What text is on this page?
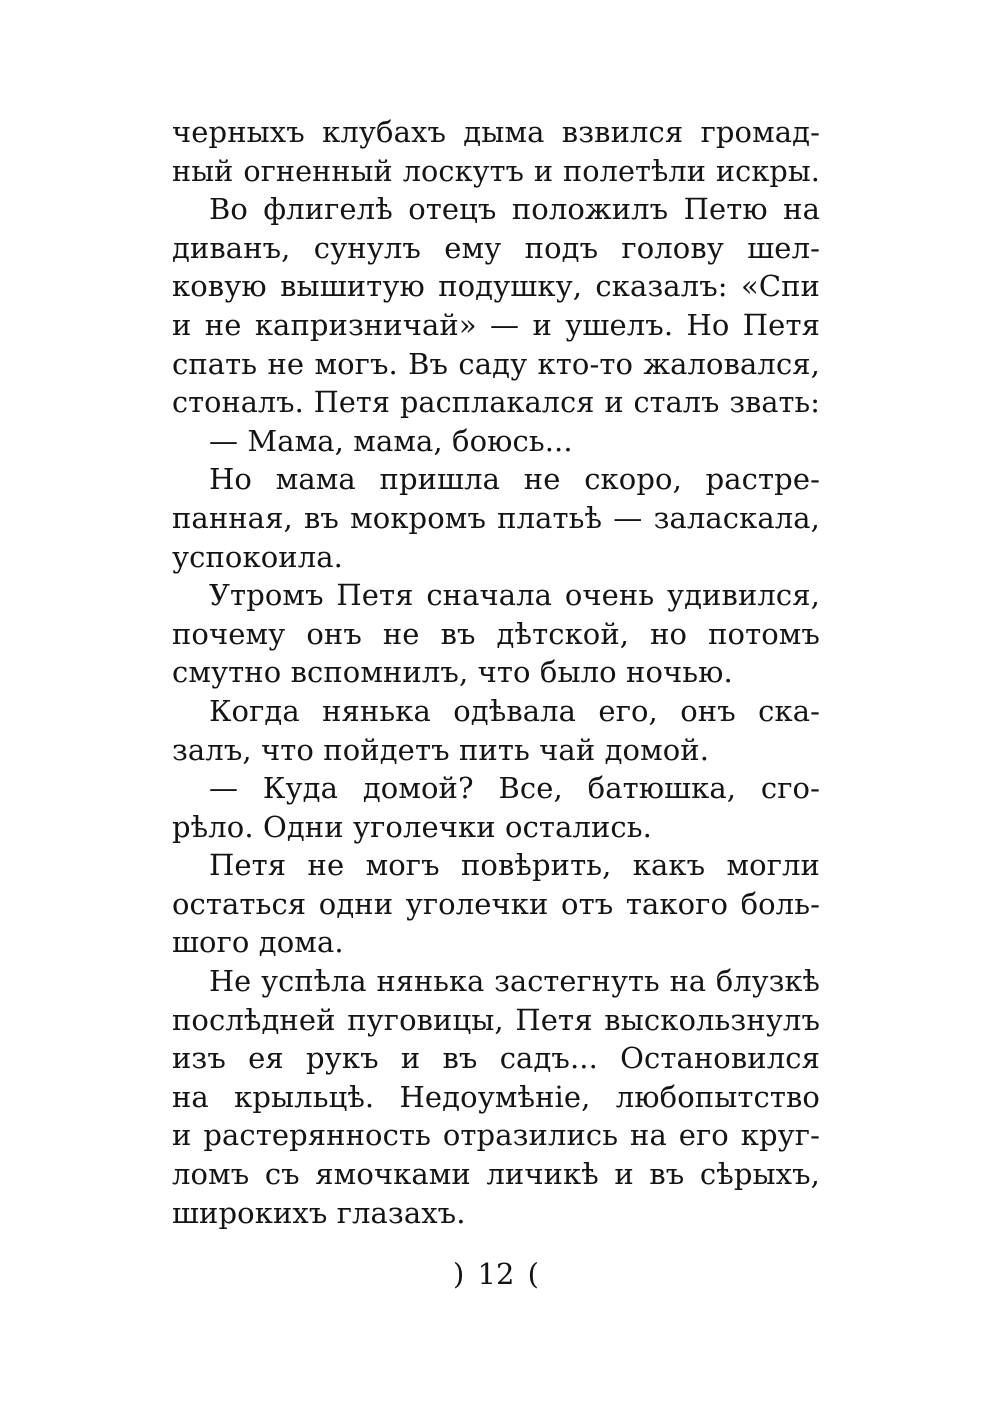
черныхъ клубахъ дыма взвился громад-
ный огненный лоскутъ и полетѣли искры.
Во флигелѣ отецъ положилъ Петю на
диванъ, сунулъ ему подъ голову шел-
ковую вышитую подушку, сказалъ: «Спи
и не капризничай» — и ушелъ. Но Петя
спать не могъ. Въ саду кто-то жаловался,
стоналъ. Петя расплакался и сталъ звать:
— Мама, мама, боюсь...
Но мама пришла не скоро, растре-
панная, въ мокромъ платьѣ — заласкала,
успокоила.
Утромъ Петя сначала очень удивился,
почему онъ не въ дѣтской, но потомъ
смутно вспомнилъ, что было ночью.
Когда нянька одѣвала его, онъ ска-
залъ, что пойдетъ пить чай домой.
— Куда домой? Все, батюшка, сго-
рѣло. Одни уголечки остались.
Петя не могъ повѣрить, какъ могли
остаться одни уголечки отъ такого боль-
шого дома.
Не успѣла нянька застегнуть на блузкѣ
послѣдней пуговицы, Петя выскользнулъ
изъ ея рукъ и въ садъ... Остановился
на крыльцѣ. Недоумѣніе, любопытство
и растерянность отразились на его круг-
ломъ съ ямочками личикѣ и въ сѣрыхъ,
широкихъ глазахъ.
) 12 (
